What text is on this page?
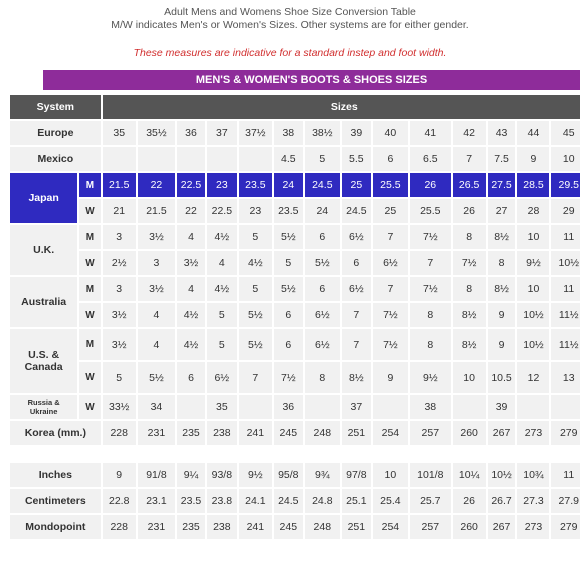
Adult Mens and Womens Shoe Size Conversion Table
M/W indicates Men's or Women's Sizes. Other systems are for either gender.
These measures are indicative for a standard instep and foot width.
MEN'S & WOMEN'S BOOTS & SHOES SIZES
System		Sizes													
Europe		35	35½	36	37	37½	38	38½	39	40	41	42	43	44	45
Mexico							4.5	5	5.5	6	6.5	7	7.5	9	10
Japan	M	21.5	22	22.5	23	23.5	24	24.5	25	25.5	26	26.5	27.5	28.5	29.5
	W	21	21.5	22	22.5	23	23.5	24	24.5	25	25.5	26	27	28	29
U.K.	M	3	3½	4	4½	5	5½	6	6½	7	7½	8	8½	10	11
	W	2½	3	3½	4	4½	5	5½	6	6½	7	7½	8	9½	10½
Australia	M	3	3½	4	4½	5	5½	6	6½	7	7½	8	8½	10	11
	W	3½	4	4½	5	5½	6	6½	7	7½	8	8½	9	10½	11½

U.S. &
Canada	M	3½	4	4½	5	5½	6	6½	7	7½	8	8½	9	10½	11½
	W	5	5½	6	6½	7	7½	8	8½	9	9½	10	10.5	12	13

Russia &
Ukraine	W	33½	34		35		36		37		38		39		
Korea (mm.)		228	231	235	238	241	245	248	251	254	257	260	267	273	279

Inches		9	91/8	9¼	93/8	9½	95/8	9¾	97/8	10	101/8	10¼	10½	10¾	11
Centimeters		22.8	23.1	23.5	23.8	24.1	24.5	24.8	25.1	25.4	25.7	26	26.7	27.3	27.9
Mondopoint		228	231	235	238	241	245	248	251	254	257	260	267	273	279
